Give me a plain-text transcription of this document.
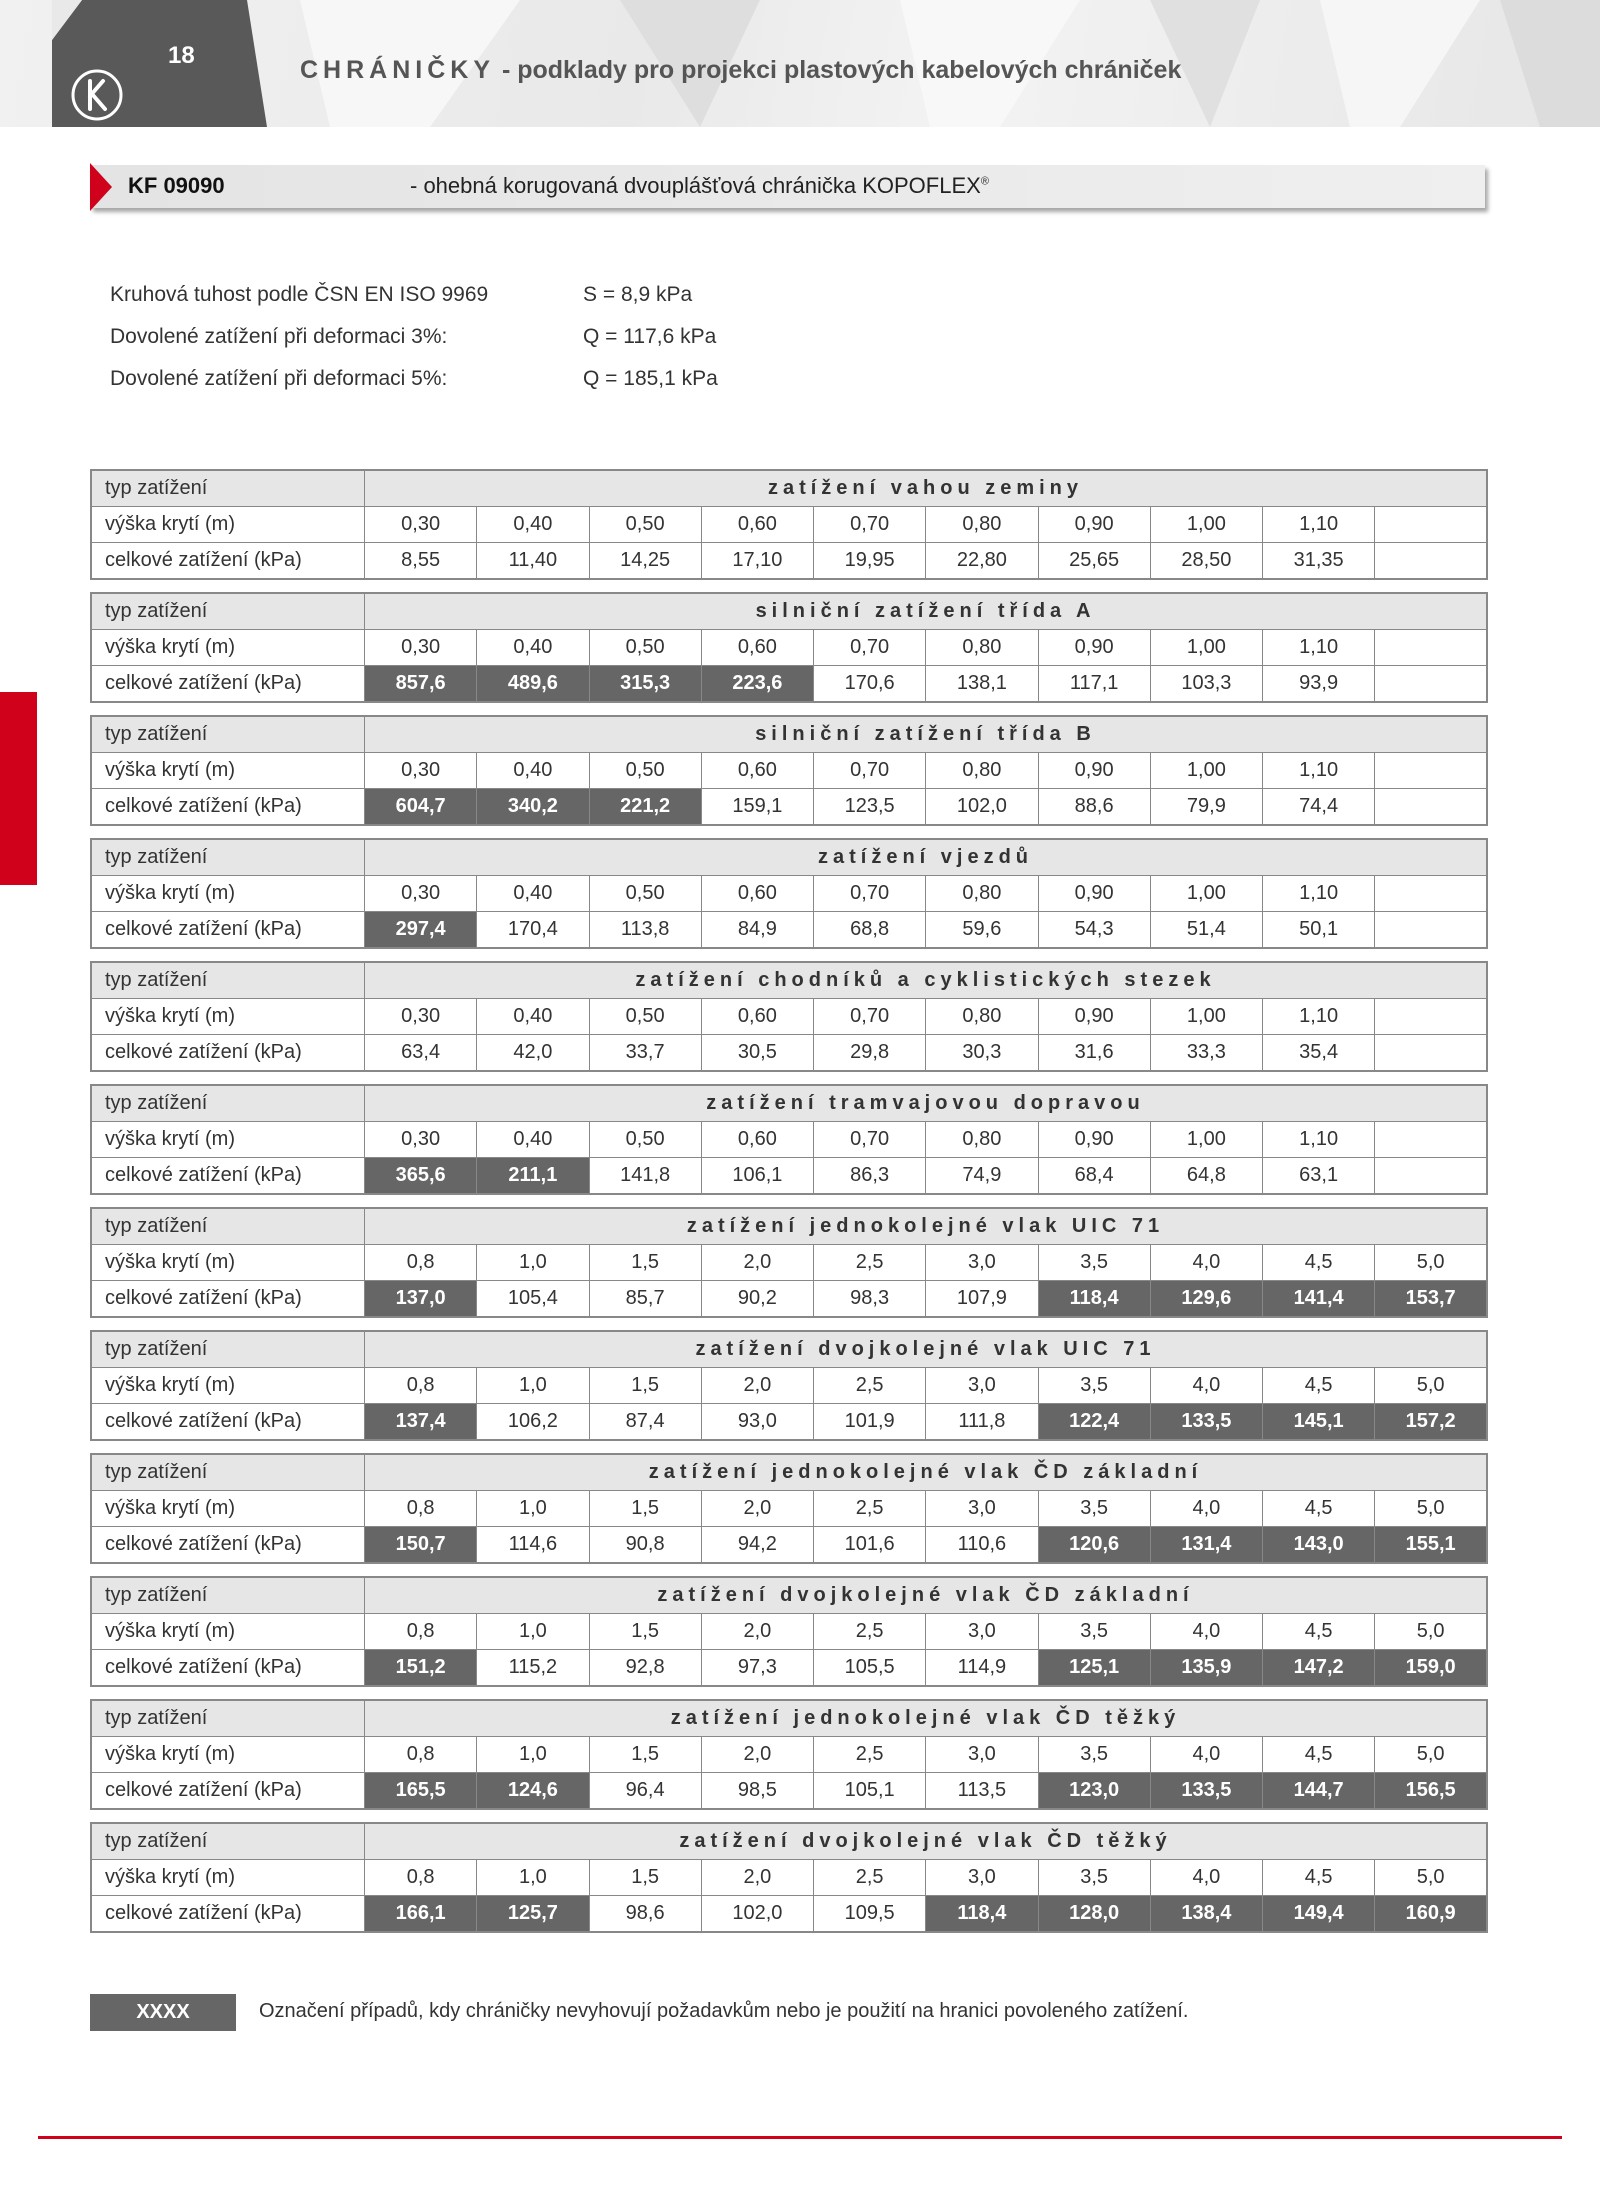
18
CHRÁNIČKY - podklady pro projekci plastových kabelových chrániček
KF 09090	- ohebná korugovaná dvouplášťová chránička KOPOFLEX®
Kruhová tuhost podle ČSN EN ISO 9969	S = 8,9 kPa
Dovolené zatížení při deformaci 3%:	Q = 117,6 kPa
Dovolené zatížení při deformaci 5%:	Q = 185,1 kPa
typ zatížení	zatížení vahou zeminy									
výška krytí (m)	0,30	0,40	0,50	0,60	0,70	0,80	0,90	1,00	1,10	
celkové zatížení (kPa)	8,55	11,40	14,25	17,10	19,95	22,80	25,65	28,50	31,35	
typ zatížení	silniční zatížení třída A									
výška krytí (m)	0,30	0,40	0,50	0,60	0,70	0,80	0,90	1,00	1,10	
celkové zatížení (kPa)	857,6	489,6	315,3	223,6	170,6	138,1	117,1	103,3	93,9	
typ zatížení	silniční zatížení třída B									
výška krytí (m)	0,30	0,40	0,50	0,60	0,70	0,80	0,90	1,00	1,10	
celkové zatížení (kPa)	604,7	340,2	221,2	159,1	123,5	102,0	88,6	79,9	74,4	
typ zatížení	zatížení vjezdů									
výška krytí (m)	0,30	0,40	0,50	0,60	0,70	0,80	0,90	1,00	1,10	
celkové zatížení (kPa)	297,4	170,4	113,8	84,9	68,8	59,6	54,3	51,4	50,1	
typ zatížení	zatížení chodníků a cyklistických stezek									
výška krytí (m)	0,30	0,40	0,50	0,60	0,70	0,80	0,90	1,00	1,10	
celkové zatížení (kPa)	63,4	42,0	33,7	30,5	29,8	30,3	31,6	33,3	35,4	
typ zatížení	zatížení tramvajovou dopravou									
výška krytí (m)	0,30	0,40	0,50	0,60	0,70	0,80	0,90	1,00	1,10	
celkové zatížení (kPa)	365,6	211,1	141,8	106,1	86,3	74,9	68,4	64,8	63,1	
typ zatížení	zatížení jednokolejné vlak UIC 71									
výška krytí (m)	0,8	1,0	1,5	2,0	2,5	3,0	3,5	4,0	4,5	5,0
celkové zatížení (kPa)	137,0	105,4	85,7	90,2	98,3	107,9	118,4	129,6	141,4	153,7
typ zatížení	zatížení dvojkolejné vlak UIC 71									
výška krytí (m)	0,8	1,0	1,5	2,0	2,5	3,0	3,5	4,0	4,5	5,0
celkové zatížení (kPa)	137,4	106,2	87,4	93,0	101,9	111,8	122,4	133,5	145,1	157,2
typ zatížení	zatížení jednokolejné vlak ČD základní									
výška krytí (m)	0,8	1,0	1,5	2,0	2,5	3,0	3,5	4,0	4,5	5,0
celkové zatížení (kPa)	150,7	114,6	90,8	94,2	101,6	110,6	120,6	131,4	143,0	155,1
typ zatížení	zatížení dvojkolejné vlak ČD základní									
výška krytí (m)	0,8	1,0	1,5	2,0	2,5	3,0	3,5	4,0	4,5	5,0
celkové zatížení (kPa)	151,2	115,2	92,8	97,3	105,5	114,9	125,1	135,9	147,2	159,0
typ zatížení	zatížení jednokolejné vlak ČD těžký									
výška krytí (m)	0,8	1,0	1,5	2,0	2,5	3,0	3,5	4,0	4,5	5,0
celkové zatížení (kPa)	165,5	124,6	96,4	98,5	105,1	113,5	123,0	133,5	144,7	156,5
typ zatížení	zatížení dvojkolejné vlak ČD těžký									
výška krytí (m)	0,8	1,0	1,5	2,0	2,5	3,0	3,5	4,0	4,5	5,0
celkové zatížení (kPa)	166,1	125,7	98,6	102,0	109,5	118,4	128,0	138,4	149,4	160,9
XXXX	Označení případů, kdy chráničky nevyhovují požadavkům nebo je použití na hranici povoleného zatížení.
